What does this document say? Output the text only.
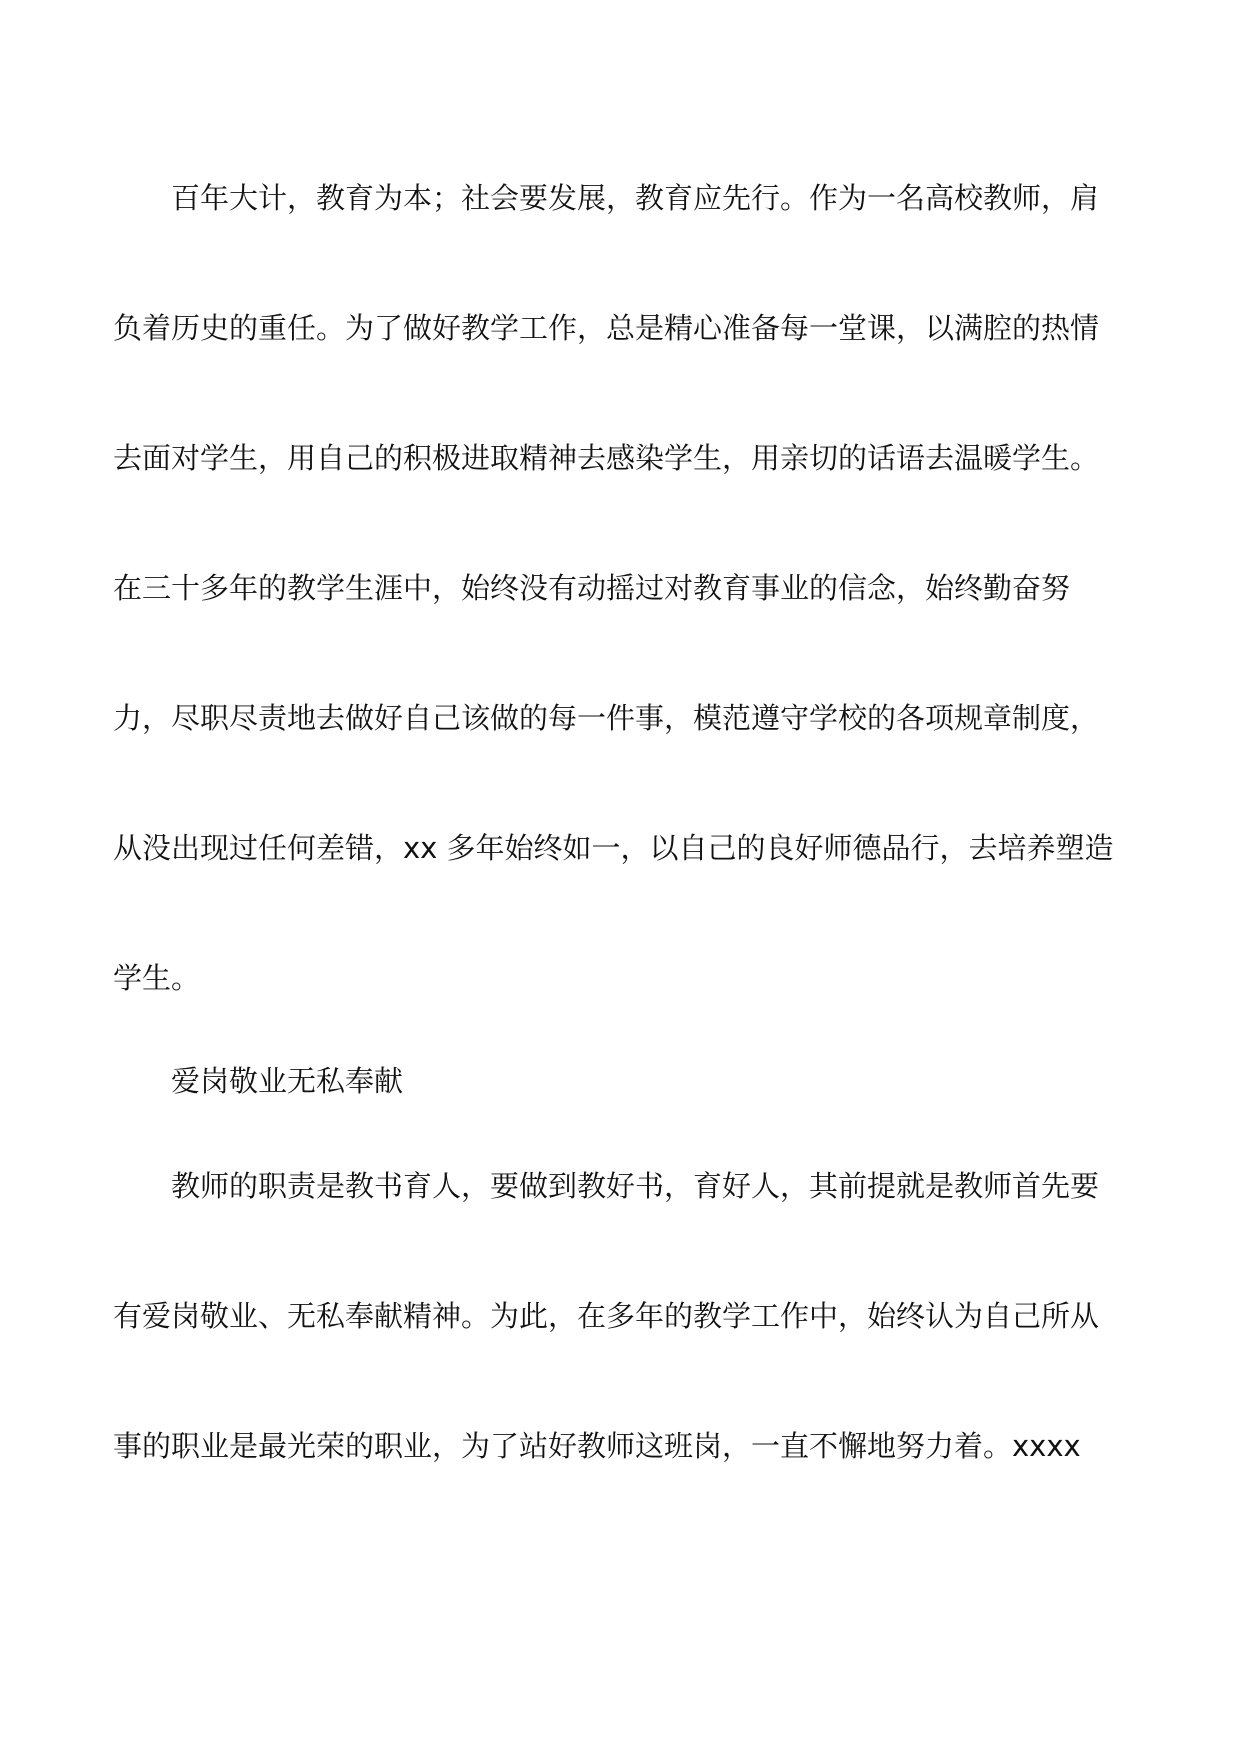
百年大计，教育为本；社会要发展，教育应先行。作为一名高校教师，肩

负着历史的重任。为了做好教学工作，总是精心准备每一堂课，以满腔的热情

去面对学生，用自己的积极进取精神去感染学生，用亲切的话语去温暖学生。

在三十多年的教学生涯中，始终没有动摇过对教育事业的信念，始终勤奋努

力，尽职尽责地去做好自己该做的每一件事，模范遵守学校的各项规章制度，

从没出现过任何差错，xx 多年始终如一，以自己的良好师德品行，去培养塑造

学生。

爱岗敬业无私奉献

教师的职责是教书育人，要做到教好书，育好人，其前提就是教师首先要

有爱岗敬业、无私奉献精神。为此，在多年的教学工作中，始终认为自己所从

事的职业是最光荣的职业，为了站好教师这班岗，一直不懈地努力着。xxxx
